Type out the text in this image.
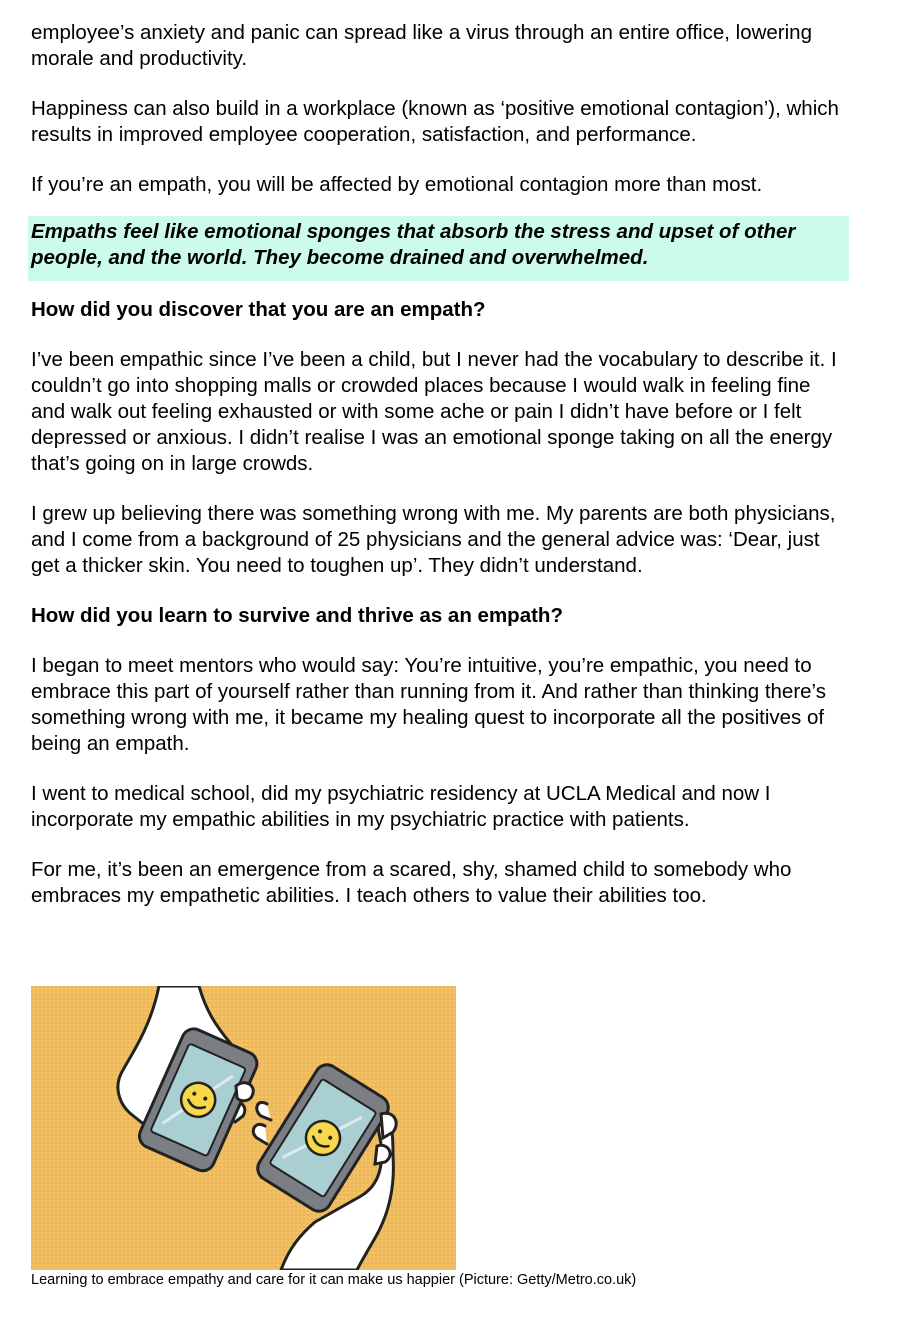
employee’s anxiety and panic can spread like a virus through an entire office, lowering morale and productivity.

Happiness can also build in a workplace (known as ‘positive emotional contagion’), which results in improved employee cooperation, satisfaction, and performance.

If you’re an empath, you will be affected by emotional contagion more than most.

Empaths feel like emotional sponges that absorb the stress and upset of other people, and the world. They become drained and overwhelmed.

How did you discover that you are an empath?

I’ve been empathic since I’ve been a child, but I never had the vocabulary to describe it. I couldn’t go into shopping malls or crowded places because I would walk in feeling fine and walk out feeling exhausted or with some ache or pain I didn’t have before or I felt depressed or anxious. I didn’t realise I was an emotional sponge taking on all the energy that’s going on in large crowds.

I grew up believing there was something wrong with me. My parents are both physicians, and I come from a background of 25 physicians and the general advice was: ‘Dear, just get a thicker skin. You need to toughen up’. They didn’t understand.

How did you learn to survive and thrive as an empath?

I began to meet mentors who would say: You’re intuitive, you’re empathic, you need to embrace this part of yourself rather than running from it. And rather than thinking there’s something wrong with me, it became my healing quest to incorporate all the positives of being an empath.

I went to medical school, did my psychiatric residency at UCLA Medical and now I incorporate my empathic abilities in my psychiatric practice with patients.

For me, it’s been an emergence from a scared, shy, shamed child to somebody who embraces my empathetic abilities. I teach others to value their abilities too.

Learning to embrace empathy and care for it can make us happier (Picture: Getty/Metro.co.uk)
